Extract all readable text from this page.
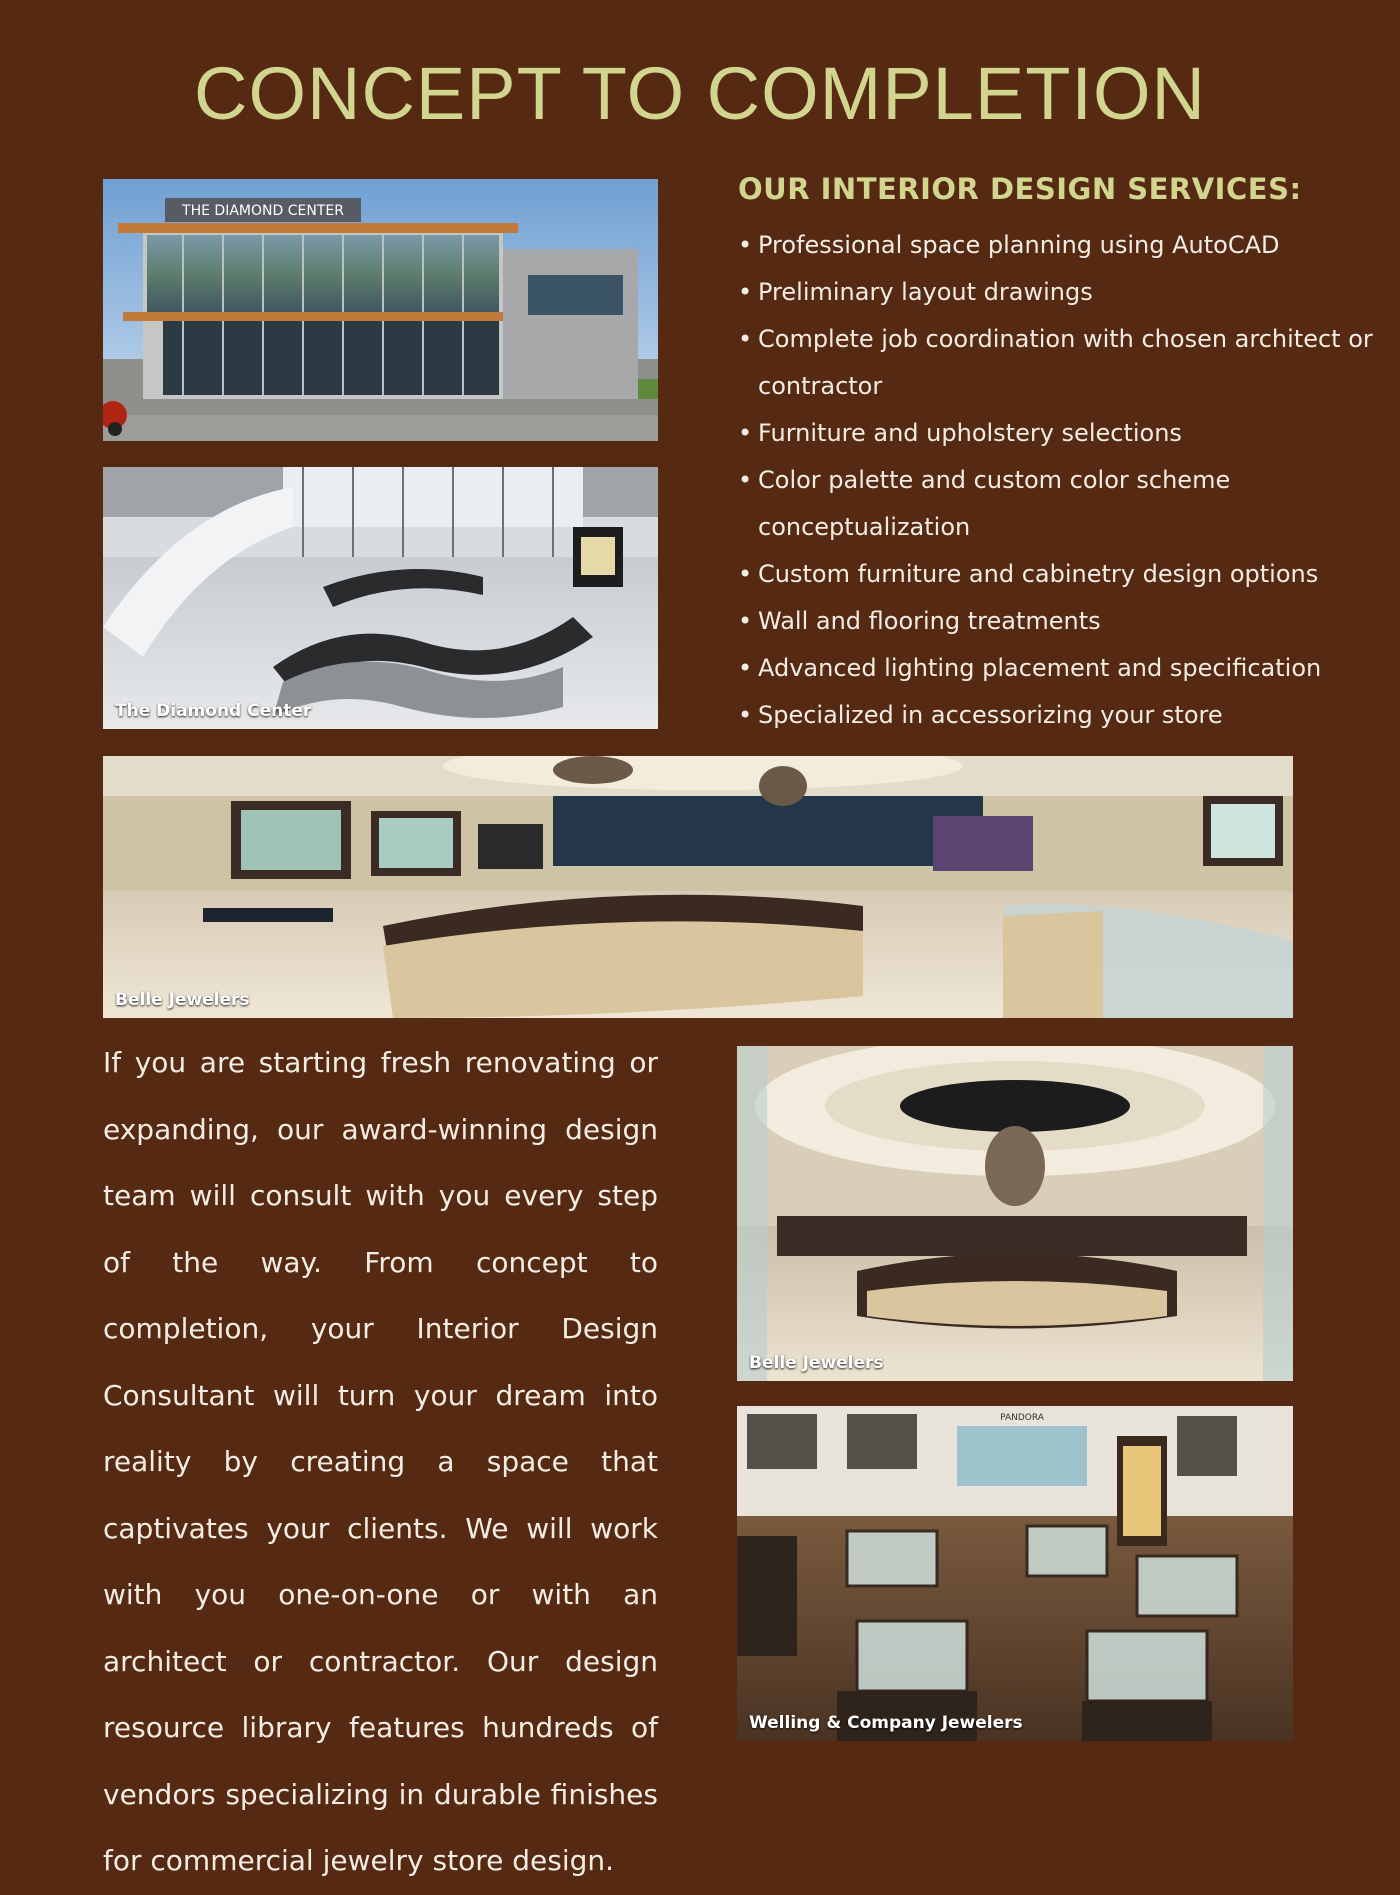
CONCEPT TO COMPLETION
THE DIAMOND CENTER
The Diamond Center
OUR INTERIOR DESIGN SERVICES:
• Professional space planning using AutoCAD
• Preliminary layout drawings
• Complete job coordination with chosen architect or contractor
• Furniture and upholstery selections
• Color palette and custom color scheme conceptualization
• Custom furniture and cabinetry design options
• Wall and flooring treatments
• Advanced lighting placement and specification
• Specialized in accessorizing your store
Belle Jewelers
If you are starting fresh renovating or expanding, our award-winning design team will consult with you every step of the way. From concept to completion, your Interior Design Consultant will turn your dream into reality by creating a space that captivates your clients. We will work with you one-on-one or with an architect or contractor. Our design resource library features hundreds of vendors specializing in durable finishes for commercial jewelry store design.
Belle Jewelers
PANDORA
Welling & Company Jewelers
